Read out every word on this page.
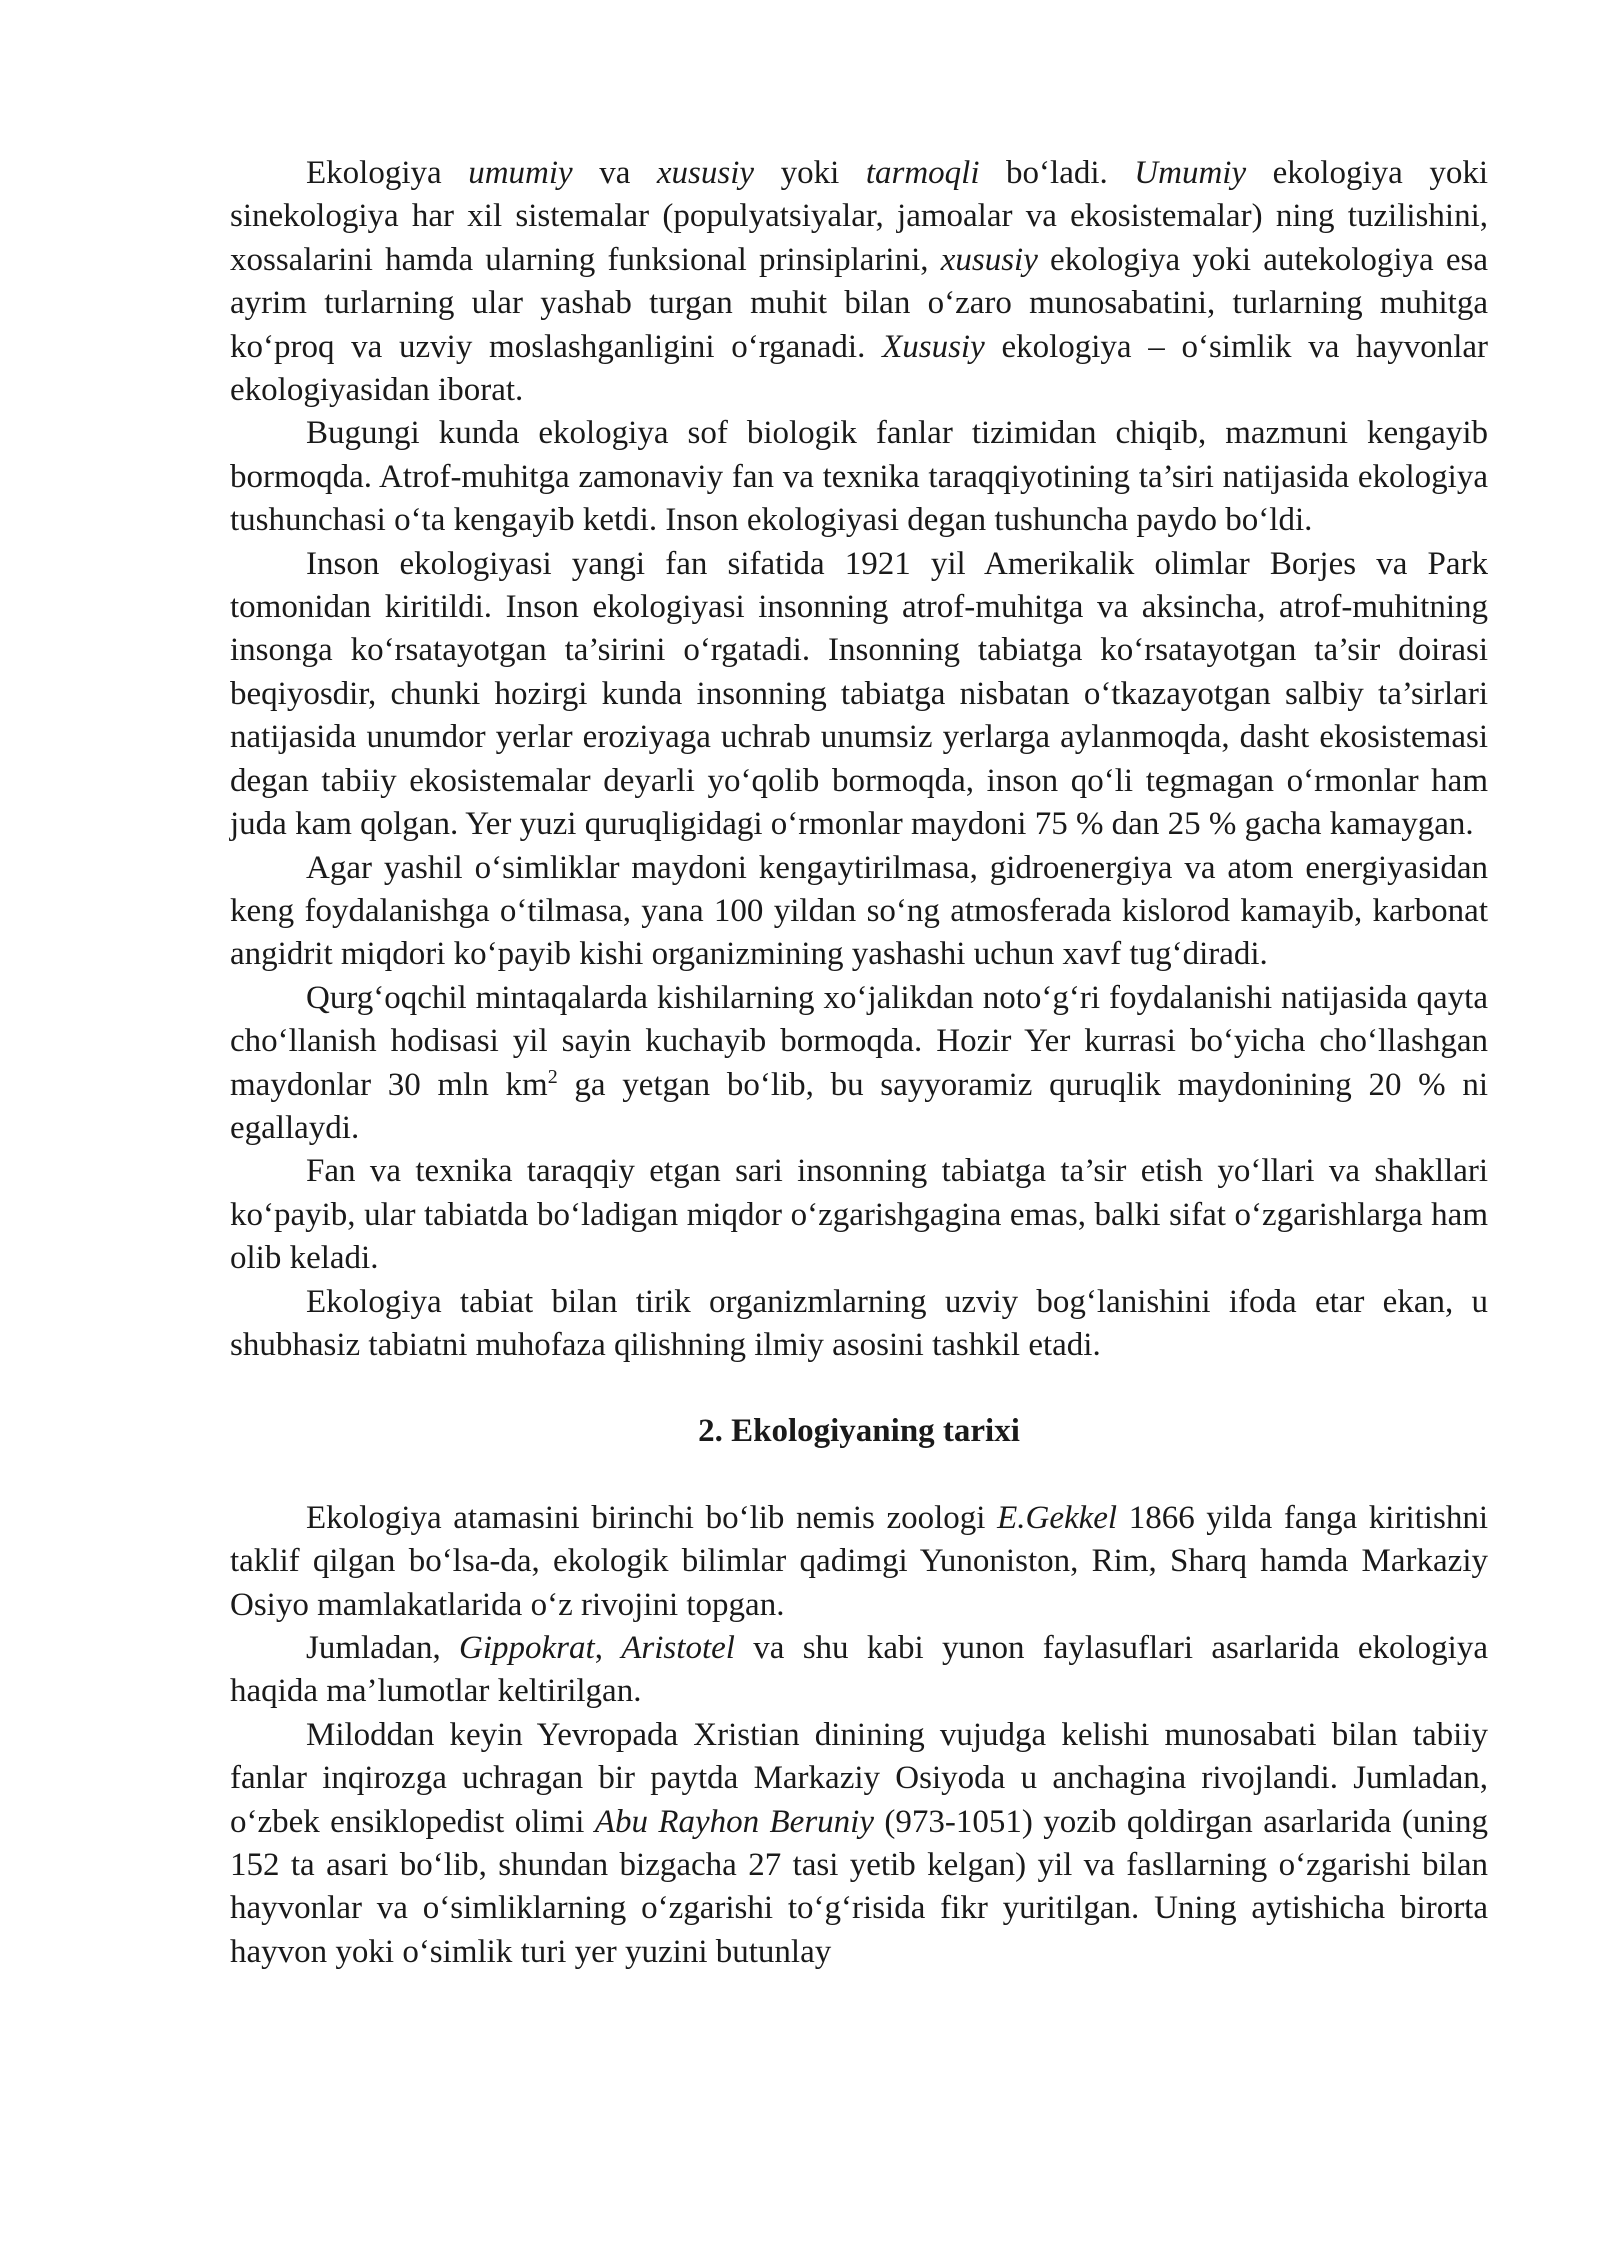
Ekologiya umumiy va xususiy yoki tarmoqli bo‘ladi. Umumiy ekologiya yoki sinekologiya har xil sistemalar (populyatsiyalar, jamoalar va ekosistemalar) ning tuzilishini, xossalarini hamda ularning funksional prinsiplarini, xususiy ekologiya yoki autekologiya esa ayrim turlarning ular yashab turgan muhit bilan o‘zaro munosabatini, turlarning muhitga ko‘proq va uzviy moslashganligini o‘rganadi. Xususiy ekologiya – o‘simlik va hayvonlar ekologiyasidan iborat.

Bugungi kunda ekologiya sof biologik fanlar tizimidan chiqib, mazmuni kengayib bormoqda. Atrof-muhitga zamonaviy fan va texnika taraqqiyotining ta’siri natijasida ekologiya tushunchasi o‘ta kengayib ketdi. Inson ekologiyasi degan tushuncha paydo bo‘ldi.

Inson ekologiyasi yangi fan sifatida 1921 yil Amerikalik olimlar Borjes va Park tomonidan kiritildi. Inson ekologiyasi insonning atrof-muhitga va aksincha, atrof-muhitning insonga ko‘rsatayotgan ta’sirini o‘rgatadi. Insonning tabiatga ko‘rsatayotgan ta’sir doirasi beqiyosdir, chunki hozirgi kunda insonning tabiatga nisbatan o‘tkazayotgan salbiy ta’sirlari natijasida unumdor yerlar eroziyaga uchrab unumsiz yerlarga aylanmoqda, dasht ekosistemasi degan tabiiy ekosistemalar deyarli yo‘qolib bormoqda, inson qo‘li tegmagan o‘rmonlar ham juda kam qolgan. Yer yuzi quruqligidagi o‘rmonlar maydoni 75 % dan 25 % gacha kamaygan.

Agar yashil o‘simliklar maydoni kengaytirilmasa, gidroenergiya va atom energiyasidan keng foydalanishga o‘tilmasa, yana 100 yildan so‘ng atmosferada kislorod kamayib, karbonat angidrit miqdori ko‘payib kishi organizmining yashashi uchun xavf tug‘diradi.

Qurg‘oqchil mintaqalarda kishilarning xo‘jalikdan noto‘g‘ri foydalanishi natijasida qayta cho‘llanish hodisasi yil sayin kuchayib bormoqda. Hozir Yer kurrasi bo‘yicha cho‘llashgan maydonlar 30 mln $km^2$ ga yetgan bo‘lib, bu sayyoramiz quruqlik maydonining 20 % ni egallaydi.

Fan va texnika taraqqiy etgan sari insonning tabiatga ta’sir etish yo‘llari va shakllari ko‘payib, ular tabiatda bo‘ladigan miqdor o‘zgarishgagina emas, balki sifat o‘zgarishlarga ham olib keladi.

Ekologiya tabiat bilan tirik organizmlarning uzviy bog‘lanishini ifoda etar ekan, u shubhasiz tabiatni muhofaza qilishning ilmiy asosini tashkil etadi.

2. Ekologiyaning tarixi

Ekologiya atamasini birinchi bo‘lib nemis zoologi E.Gekkel 1866 yilda fanga kiritishni taklif qilgan bo‘lsa-da, ekologik bilimlar qadimgi Yunoniston, Rim, Sharq hamda Markaziy Osiyo mamlakatlarida o‘z rivojini topgan.

Jumladan, Gippokrat, Aristotel va shu kabi yunon faylasuflari asarlarida ekologiya haqida ma’lumotlar keltirilgan.

Miloddan keyin Yevropada Xristian dinining vujudga kelishi munosabati bilan tabiiy fanlar inqirozga uchragan bir paytda Markaziy Osiyoda u anchagina rivojlandi. Jumladan, o‘zbek ensiklopedist olimi Abu Rayhon Beruniy (973-1051) yozib qoldirgan asarlarida (uning 152 ta asari bo‘lib, shundan bizgacha 27 tasi yetib kelgan) yil va fasllarning o‘zgarishi bilan hayvonlar va o‘simliklarning o‘zgarishi to‘g‘risida fikr yuritilgan. Uning aytishicha birorta hayvon yoki o‘simlik turi yer yuzini butunlay
